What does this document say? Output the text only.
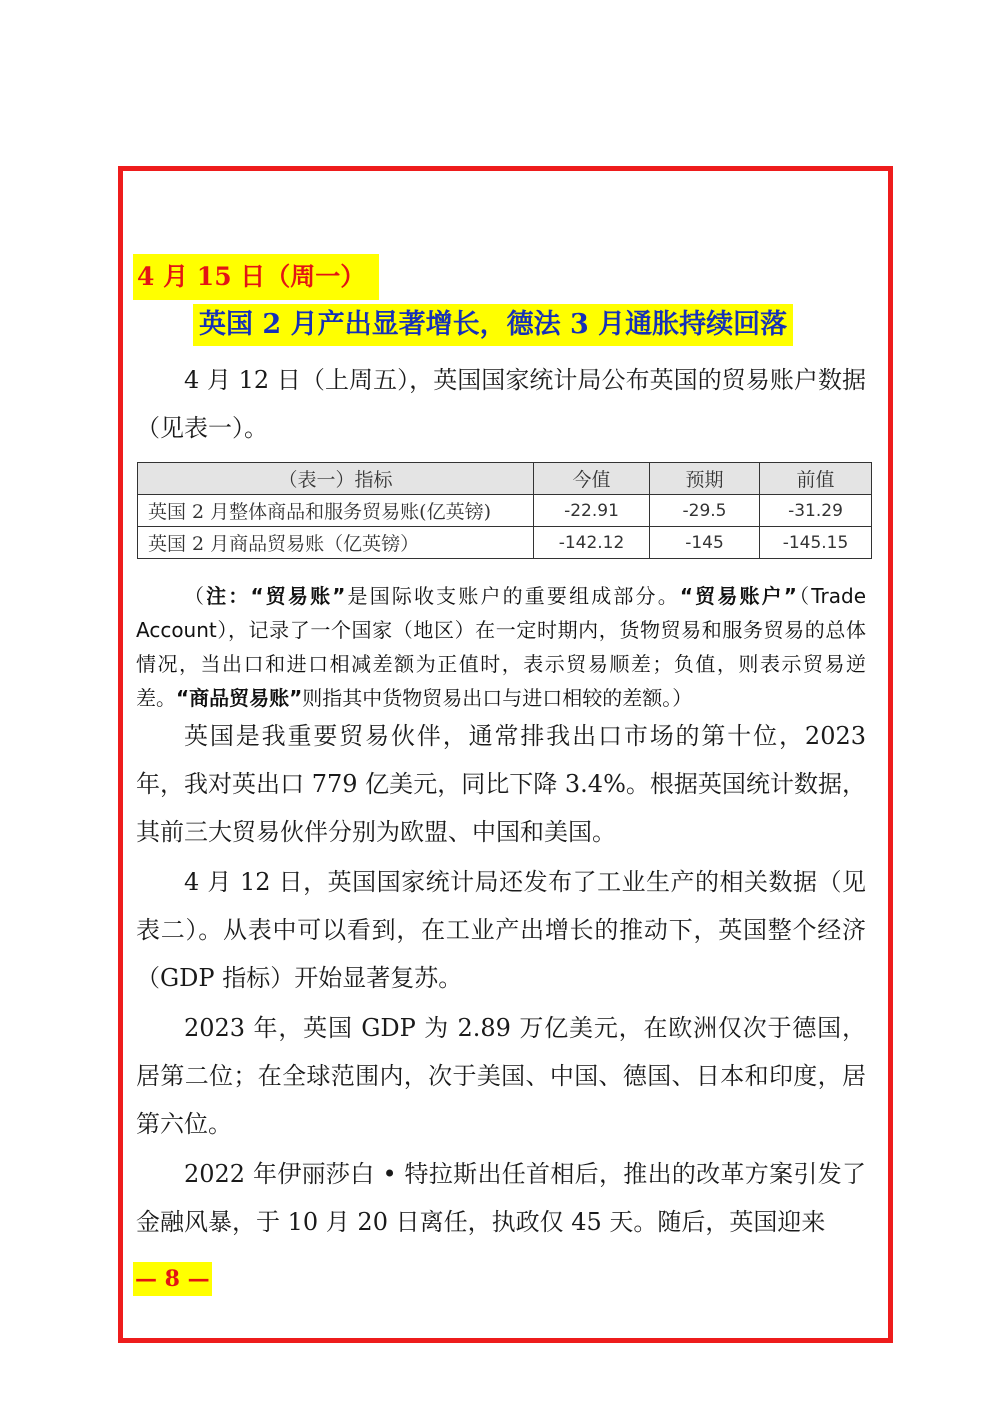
4 月 15 日（周一）
英国 2 月产出显著增长，德法 3 月通胀持续回落

4 月 12 日（上周五），英国国家统计局公布英国的贸易账户数据（见表一）。

（表一）指标	今值	预期	前值
英国 2 月整体商品和服务贸易账(亿英镑)	-22.91	-29.5	-31.29
英国 2 月商品贸易账（亿英镑）	-142.12	-145	-145.15

（注：“贸易账”是国际收支账户的重要组成部分。“贸易账户”（Trade Account），记录了一个国家（地区）在一定时期内，货物贸易和服务贸易的总体情况，当出口和进口相减差额为正值时，表示贸易顺差；负值，则表示贸易逆差。“商品贸易账”则指其中货物贸易出口与进口相较的差额。）

英国是我重要贸易伙伴，通常排我出口市场的第十位，2023 年，我对英出口 779 亿美元，同比下降 3.4%。根据英国统计数据，其前三大贸易伙伴分别为欧盟、中国和美国。

4 月 12 日，英国国家统计局还发布了工业生产的相关数据（见表二）。从表中可以看到，在工业产出增长的推动下，英国整个经济（GDP 指标）开始显著复苏。

2023 年，英国 GDP 为 2.89 万亿美元，在欧洲仅次于德国，居第二位；在全球范围内，次于美国、中国、德国、日本和印度，居第六位。

2022 年伊丽莎白 • 特拉斯出任首相后，推出的改革方案引发了金融风暴，于 10 月 20 日离任，执政仅 45 天。随后，英国迎来

— 8 —
